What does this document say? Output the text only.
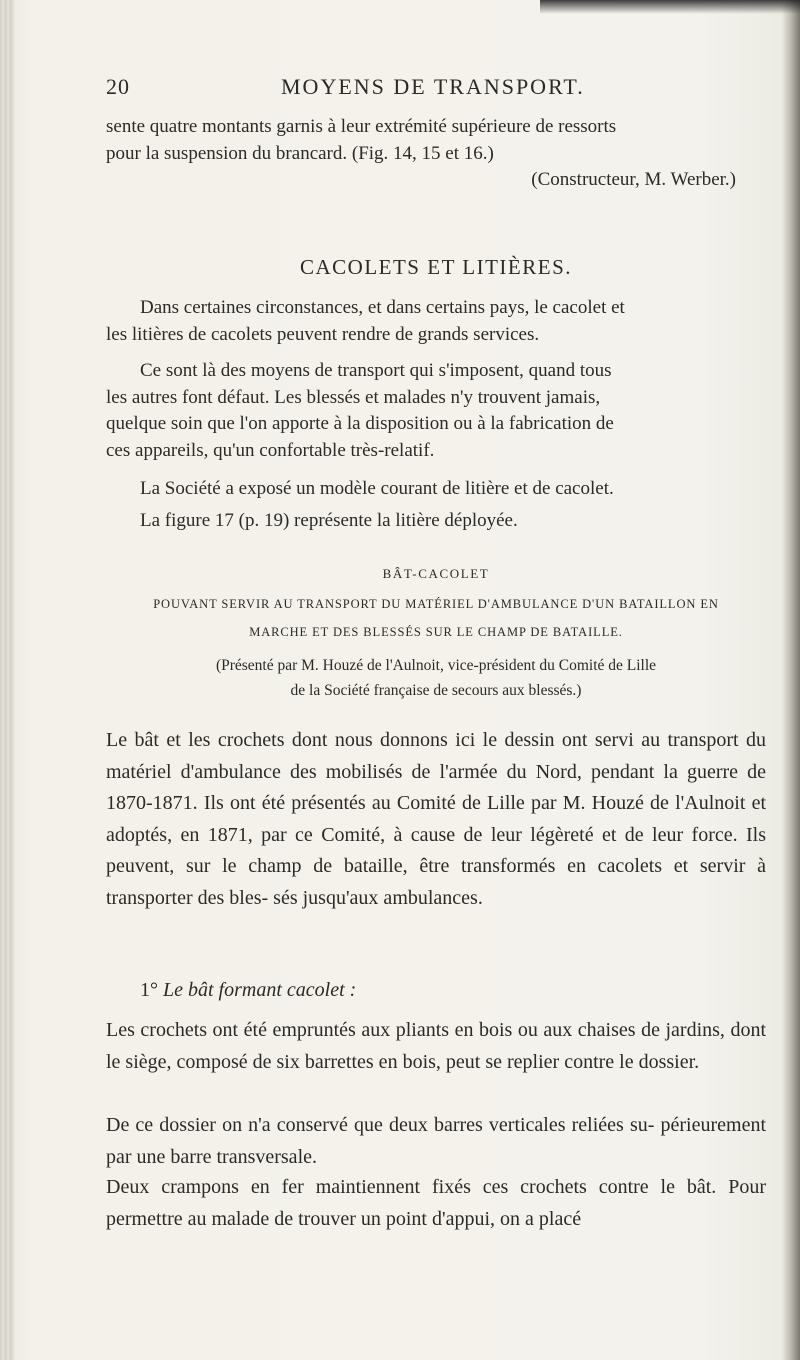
20	MOYENS DE TRANSPORT.

sente quatre montants garnis à leur extrémité supérieure de ressorts
pour la suspension du brancard. (Fig. 14, 15 et 16.)

(Constructeur, M. Werber.)

CACOLETS ET LITIÈRES.

Dans certaines circonstances, et dans certains pays, le cacolet et
les litières de cacolets peuvent rendre de grands services.

Ce sont là des moyens de transport qui s'imposent, quand tous
les autres font défaut. Les blessés et malades n'y trouvent jamais,
quelque soin que l'on apporte à la disposition ou à la fabrication de
ces appareils, qu'un confortable très-relatif.

La Société a exposé un modèle courant de litière et de cacolet.

La figure 17 (p. 19) représente la litière déployée.

BÂT-CACOLET
POUVANT SERVIR AU TRANSPORT DU MATÉRIEL D'AMBULANCE D'UN BATAILLON EN
MARCHE ET DES BLESSÉS SUR LE CHAMP DE BATAILLE.
(Présenté par M. Houzé de l'Aulnoit, vice-président du Comité de Lille
de la Société française de secours aux blessés.)

Le bât et les crochets dont nous donnons ici le dessin ont servi au transport du matériel d'ambulance des mobilisés de l'armée du Nord, pendant la guerre de 1870-1871. Ils ont été présentés au Comité de Lille par M. Houzé de l'Aulnoit et adoptés, en 1871, par ce Comité, à cause de leur légèreté et de leur force. Ils peuvent, sur le champ de bataille, être transformés en cacolets et servir à transporter des bles- sés jusqu'aux ambulances.

1° Le bât formant cacolet :

Les crochets ont été empruntés aux pliants en bois ou aux chaises de jardins, dont le siège, composé de six barrettes en bois, peut se replier contre le dossier.

De ce dossier on n'a conservé que deux barres verticales reliées su- périeurement par une barre transversale.

Deux crampons en fer maintiennent fixés ces crochets contre le bât. Pour permettre au malade de trouver un point d'appui, on a placé
